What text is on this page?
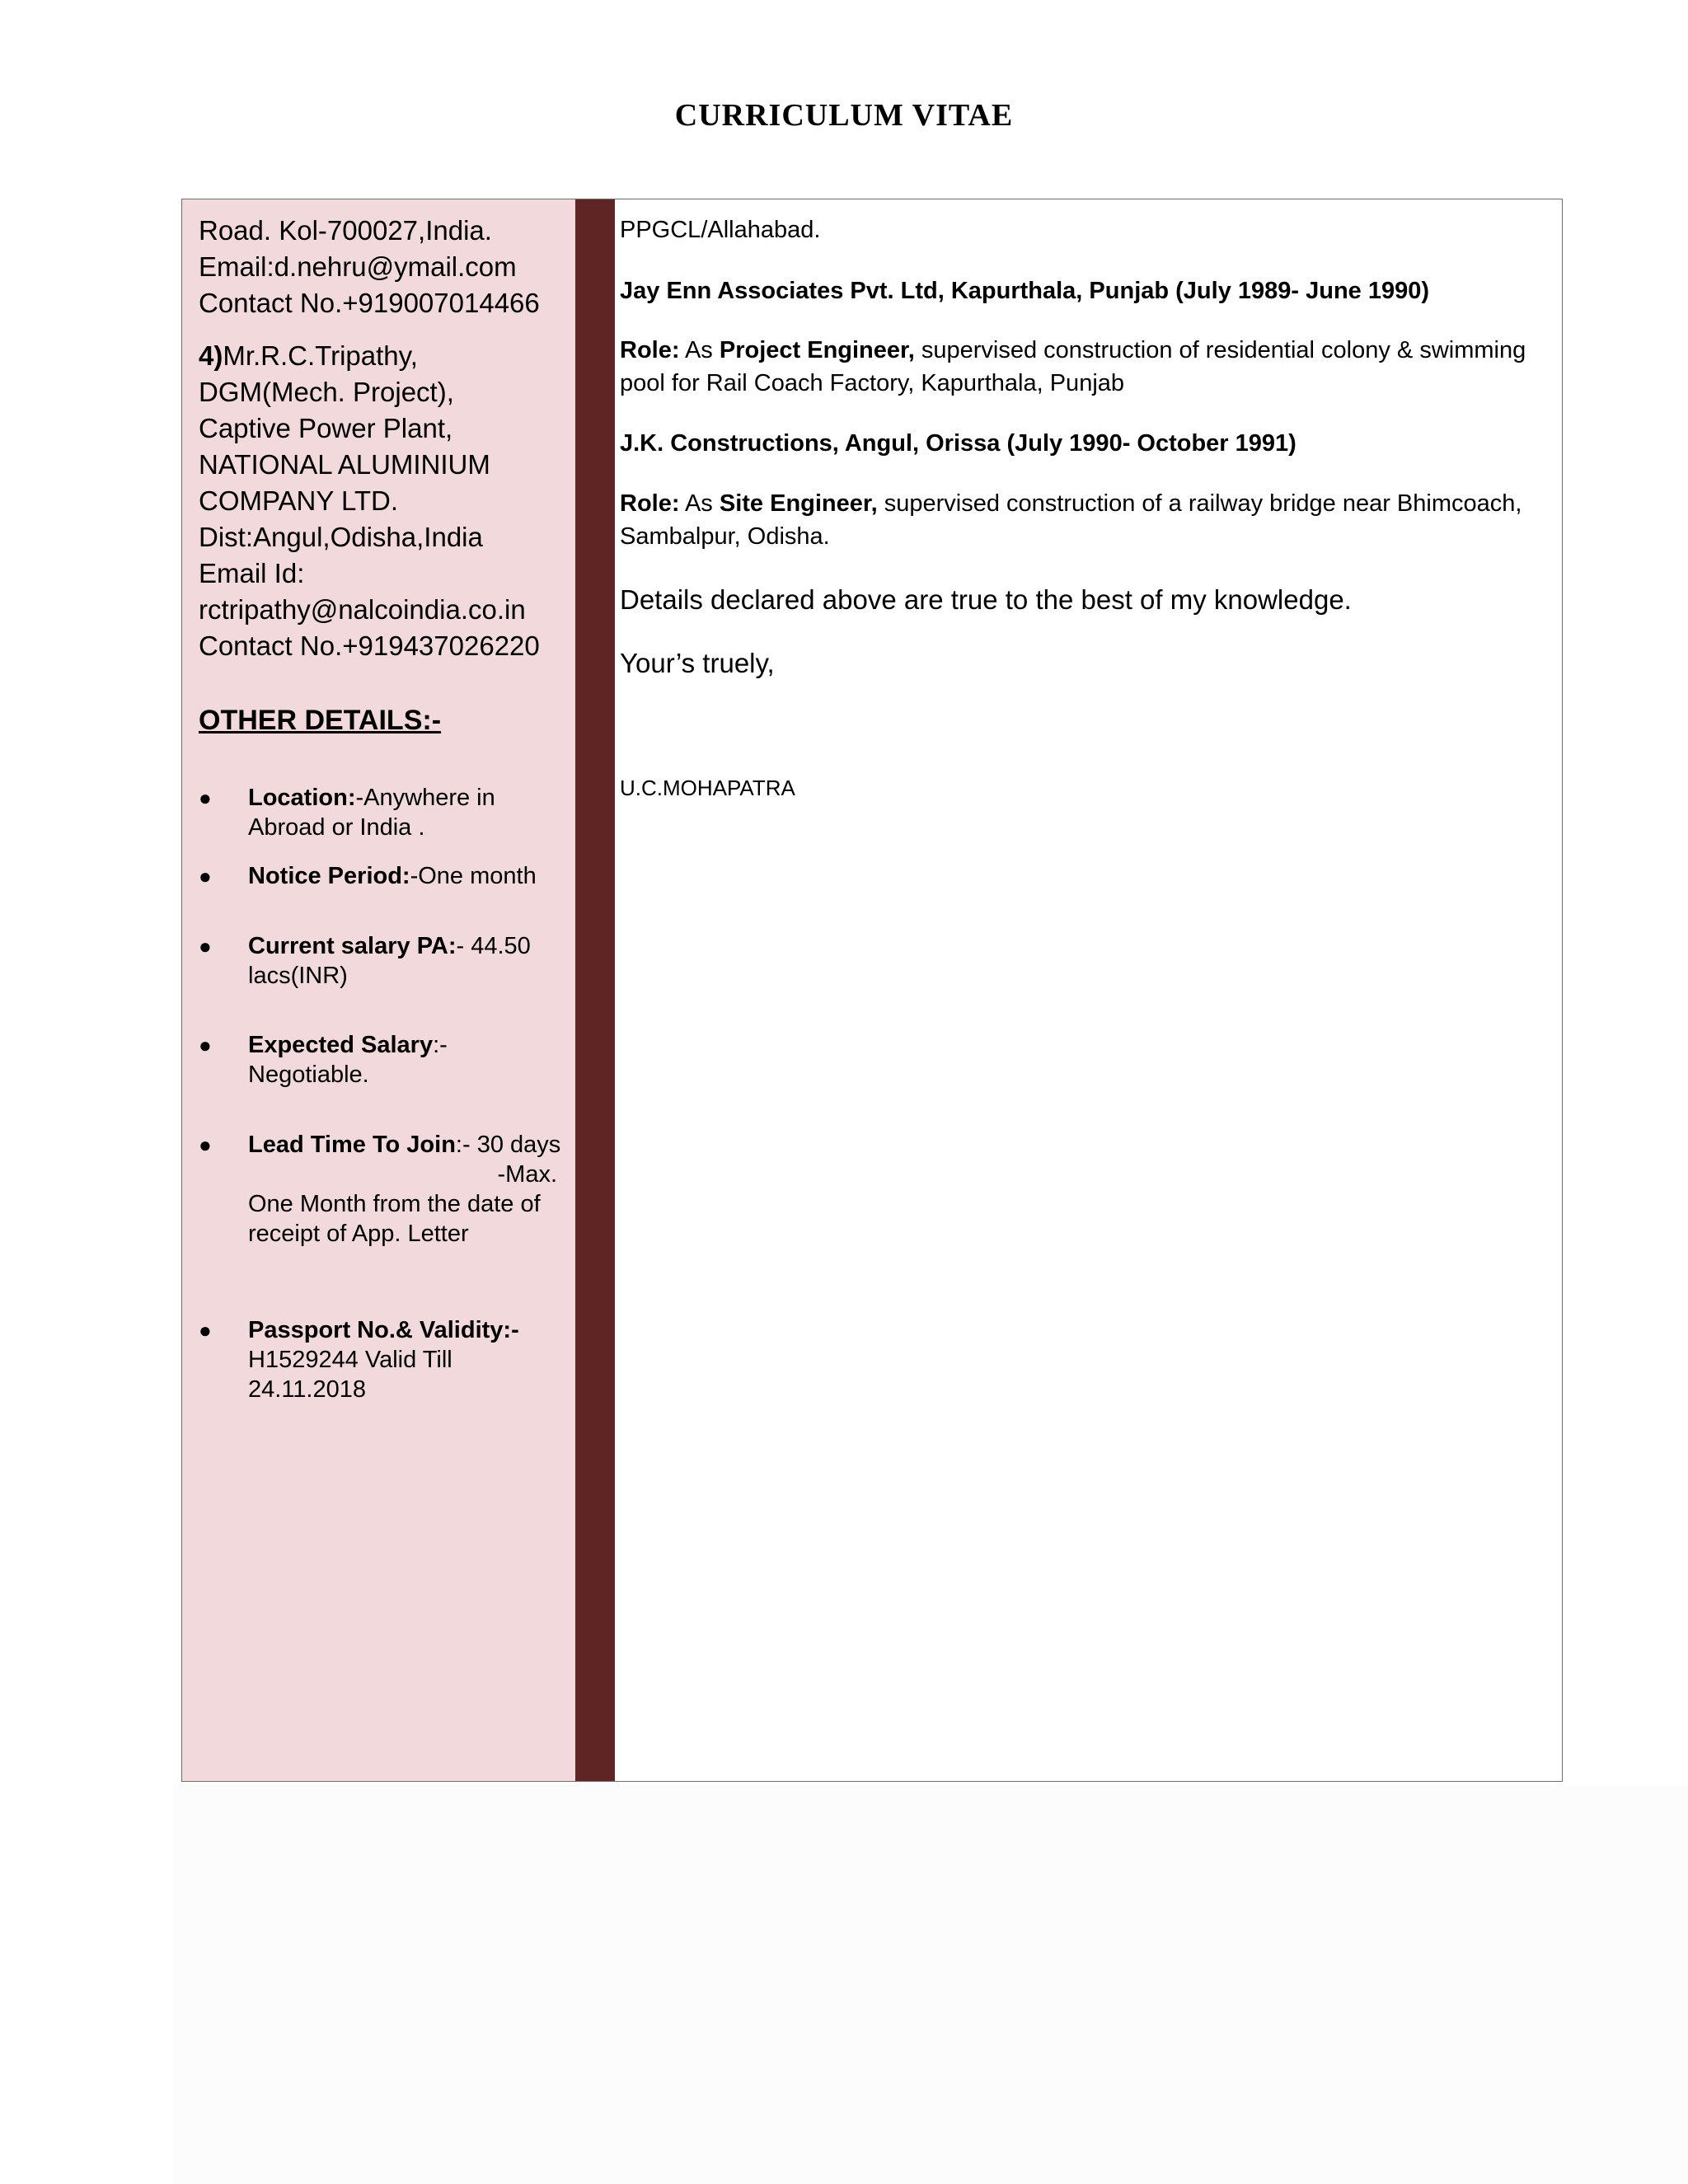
CURRICULUM VITAE
Road. Kol-700027,India.
Email:d.nehru@ymail.com
Contact No.+919007014466
4)Mr.R.C.Tripathy,
DGM(Mech. Project),
Captive Power Plant,
NATIONAL ALUMINIUM
COMPANY LTD.
Dist:Angul,Odisha,India
Email Id:
rctripathy@nalcoindia.co.in
Contact No.+919437026220
OTHER DETAILS:-
● Location:-Anywhere in Abroad or India .
● Notice Period:-One month
● Current salary PA:- 44.50 lacs(INR)
● Expected Salary:- Negotiable.
● Lead Time To Join:- 30 days
-Max.
One Month from the date of receipt of App. Letter
● Passport No.& Validity:-
H1529244 Valid Till 24.11.2018
PPGCL/Allahabad.
Jay Enn Associates Pvt. Ltd, Kapurthala, Punjab (July 1989- June 1990)
Role: As Project Engineer, supervised construction of residential colony & swimming pool for Rail Coach Factory, Kapurthala, Punjab
J.K. Constructions, Angul, Orissa (July 1990- October 1991)
Role: As Site Engineer, supervised construction of a railway bridge near Bhimcoach, Sambalpur, Odisha.
Details declared above are true to the best of my knowledge.
Your’s truely,
U.C.MOHAPATRA
